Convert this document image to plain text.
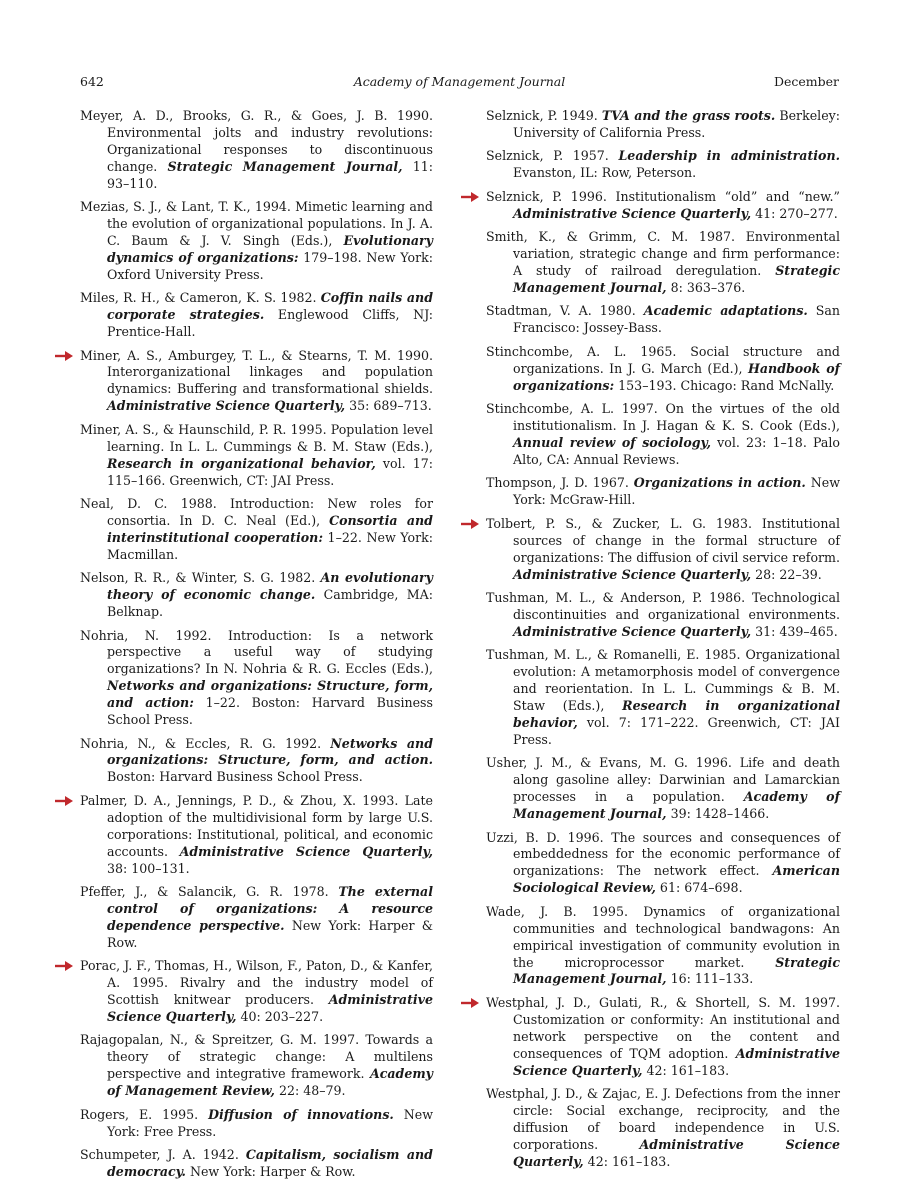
642	Academy of Management Journal	December
Meyer, A. D., Brooks, G. R., & Goes, J. B. 1990. Environmental jolts and industry revolutions: Organizational responses to discontinuous change. Strategic Management Journal, 11: 93–110.
Mezias, S. J., & Lant, T. K., 1994. Mimetic learning and the evolution of organizational populations. In J. A. C. Baum & J. V. Singh (Eds.), Evolutionary dynamics of organizations: 179–198. New York: Oxford University Press.
Miles, R. H., & Cameron, K. S. 1982. Coffin nails and corporate strategies. Englewood Cliffs, NJ: Prentice-Hall.
Miner, A. S., Amburgey, T. L., & Stearns, T. M. 1990. Interorganizational linkages and population dynamics: Buffering and transformational shields. Administrative Science Quarterly, 35: 689–713.
Miner, A. S., & Haunschild, P. R. 1995. Population level learning. In L. L. Cummings & B. M. Staw (Eds.), Research in organizational behavior, vol. 17: 115–166. Greenwich, CT: JAI Press.
Neal, D. C. 1988. Introduction: New roles for consortia. In D. C. Neal (Ed.), Consortia and interinstitutional cooperation: 1–22. New York: Macmillan.
Nelson, R. R., & Winter, S. G. 1982. An evolutionary theory of economic change. Cambridge, MA: Belknap.
Nohria, N. 1992. Introduction: Is a network perspective a useful way of studying organizations? In N. Nohria & R. G. Eccles (Eds.), Networks and organizations: Structure, form, and action: 1–22. Boston: Harvard Business School Press.
Nohria, N., & Eccles, R. G. 1992. Networks and organizations: Structure, form, and action. Boston: Harvard Business School Press.
Palmer, D. A., Jennings, P. D., & Zhou, X. 1993. Late adoption of the multidivisional form by large U.S. corporations: Institutional, political, and economic accounts. Administrative Science Quarterly, 38: 100–131.
Pfeffer, J., & Salancik, G. R. 1978. The external control of organizations: A resource dependence perspective. New York: Harper & Row.
Porac, J. F., Thomas, H., Wilson, F., Paton, D., & Kanfer, A. 1995. Rivalry and the industry model of Scottish knitwear producers. Administrative Science Quarterly, 40: 203–227.
Rajagopalan, N., & Spreitzer, G. M. 1997. Towards a theory of strategic change: A multilens perspective and integrative framework. Academy of Management Review, 22: 48–79.
Rogers, E. 1995. Diffusion of innovations. New York: Free Press.
Schumpeter, J. A. 1942. Capitalism, socialism and democracy. New York: Harper & Row.
Selznick, P. 1949. TVA and the grass roots. Berkeley: University of California Press.
Selznick, P. 1957. Leadership in administration. Evanston, IL: Row, Peterson.
Selznick, P. 1996. Institutionalism “old” and “new.” Administrative Science Quarterly, 41: 270–277.
Smith, K., & Grimm, C. M. 1987. Environmental variation, strategic change and firm performance: A study of railroad deregulation. Strategic Management Journal, 8: 363–376.
Stadtman, V. A. 1980. Academic adaptations. San Francisco: Jossey-Bass.
Stinchcombe, A. L. 1965. Social structure and organizations. In J. G. March (Ed.), Handbook of organizations: 153–193. Chicago: Rand McNally.
Stinchcombe, A. L. 1997. On the virtues of the old institutionalism. In J. Hagan & K. S. Cook (Eds.), Annual review of sociology, vol. 23: 1–18. Palo Alto, CA: Annual Reviews.
Thompson, J. D. 1967. Organizations in action. New York: McGraw-Hill.
Tolbert, P. S., & Zucker, L. G. 1983. Institutional sources of change in the formal structure of organizations: The diffusion of civil service reform. Administrative Science Quarterly, 28: 22–39.
Tushman, M. L., & Anderson, P. 1986. Technological discontinuities and organizational environments. Administrative Science Quarterly, 31: 439–465.
Tushman, M. L., & Romanelli, E. 1985. Organizational evolution: A metamorphosis model of convergence and reorientation. In L. L. Cummings & B. M. Staw (Eds.), Research in organizational behavior, vol. 7: 171–222. Greenwich, CT: JAI Press.
Usher, J. M., & Evans, M. G. 1996. Life and death along gasoline alley: Darwinian and Lamarckian processes in a population. Academy of Management Journal, 39: 1428–1466.
Uzzi, B. D. 1996. The sources and consequences of embeddedness for the economic performance of organizations: The network effect. American Sociological Review, 61: 674–698.
Wade, J. B. 1995. Dynamics of organizational communities and technological bandwagons: An empirical investigation of community evolution in the microprocessor market. Strategic Management Journal, 16: 111–133.
Westphal, J. D., Gulati, R., & Shortell, S. M. 1997. Customization or conformity: An institutional and network perspective on the content and consequences of TQM adoption. Administrative Science Quarterly, 42: 161–183.
Westphal, J. D., & Zajac, E. J. Defections from the inner circle: Social exchange, reciprocity, and the diffusion of board independence in U.S. corporations. Administrative Science Quarterly, 42: 161–183.
